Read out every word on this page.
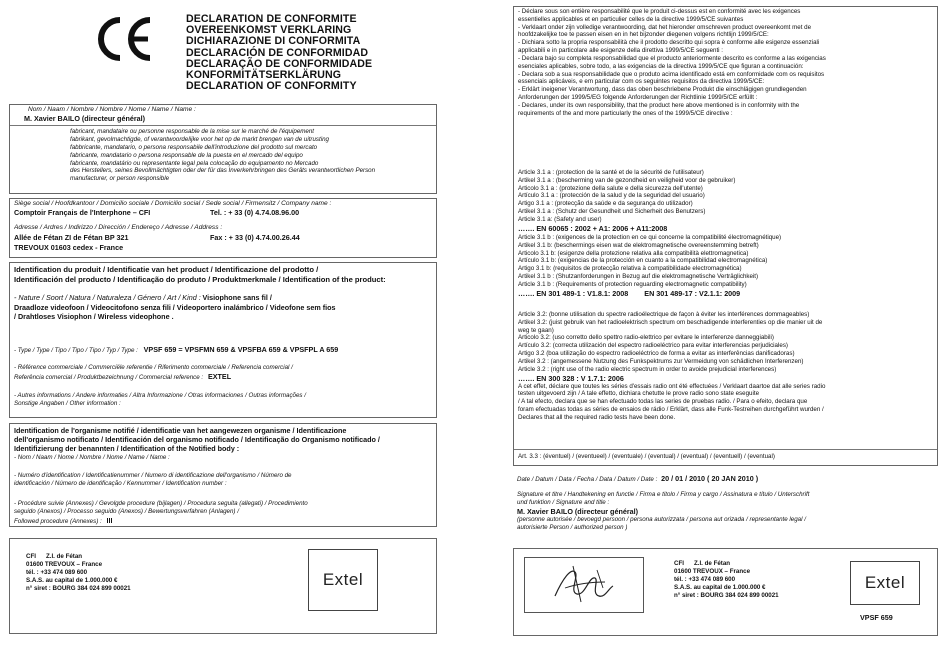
DECLARATION DE CONFORMITE
OVEREENKOMST VERKLARING
DICHIARAZIONE DI CONFORMITA
DECLARACIÓN DE CONFORMIDAD
DECLARAÇÃO DE CONFORMIDADE
KONFORMITÄTSERKLÄRUNG
DECLARATION OF CONFORMITY
Nom / Naam / Nombre / Nombre / Nome / Name / Name :
M. Xavier BAILO (directeur général)
fabricant, mandataire ou personne responsable de la mise sur le marché de l'équipement
fabrikant, gevolmachtigde, of verantwoordelijke voor het op de markt brengen van de uitrusting
fabbricante, mandatario, o persona responsabile dell'introduzione del prodotto sul mercato
fabricante, mandatario o persona responsable de la puesta en el mercado del equipo
fabricante, mandatário ou representante legal pela colocação do equipamento no Mercado
des Herstellers, seines Bevollmächtigten oder der für das Inverkehrbringen des Geräts verantwortlichen Person
manufacturer, or person responsible
Siège social / Hoofdkantoor / Domicilio sociale / Domicilio social / Sede social / Firmensitz / Company name :
Comptoir Français de l'Interphone – CFI	Tel. : + 33 (0) 4.74.08.96.00
Adresse / Ardres / Indirizzo / Dirección / Endereço / Adresse / Address :
Allée de Fétan ZI de Fétan BP 321	Fax : + 33 (0) 4.74.00.26.44
TREVOUX 01603 cedex - France
Identification du produit / Identificatie van het product / Identificazione del prodotto /
Identificación del producto / Identificação do produto / Produktmerkmale / Identification of the product:
- Nature / Soort / Natura / Naturaleza / Género / Art / Kind : Visiophone sans fil /
Draadloze videofoon / Videocitofono senza fili / Videoportero inalámbrico / Videofone sem fios
/ Drahtloses Visiophon / Wireless videophone .
- Type / Type / Tipo / Tipo / Tipo / Typ / Type : VPSF 659 = VPSFMN 659 & VPSFBA 659 & VPSFPL A 659
- Référence commerciale / Commerciële referentie / Riferimento commerciale / Referencia comercial /
Referência comercial / Produktbezeichnung / Commercial reference : EXTEL
- Autres informations / Andere informaties / Altra Informazione / Otras informaciones / Outras informações /
Sonstige Angaben / Other information :
Identification de l'organisme notifié / identificatie van het aangewezen organisme / Identificazione
dell'organismo notificato / Identificación del organismo notificado / Identificação do Organismo notificado /
Identifizierung der benannten / Identification of the Notified body :
- Nom / Naam / Nome / Nombre / Nome / Name / Name :
- Numéro d'identification / Identificatienummer / Numero di identificazione dell'organismo / Número de
identificación / Número de identificação / Kennummer / Identification number :
- Procédure suivie (Annexes) / Gevolgde procedure (bijlagen) / Procedura seguita (allegati) / Procedimiento
seguido (Anexos) / Processo seguido (Anexos) / Bewertungsverfahren (Anlagen) /
Followed procedure (Annexes) : III
CFI Z.I. de Fétan
01600 TRÉVOUX – France
tél. : +33 474 089 600
S.A.S. au capital de 1.000.000 €
n° siret : BOURG 384 024 899 00021	Extel
- Déclare sous son entière responsabilité que le produit ci-dessus est en conformité avec les exigences
essentielles applicables et en particulier celles de la directive 1999/5/CE suivantes
- Verklaart onder zijn volledige verantwoording, dat het hieronder omschreven product overeenkomt met de
hoofdzakelijke toe te passen eisen en in het bijzonder diegenen volgens richtlijn 1999/5/CE:
- Dichiara sotto la propria responsabilità che il prodotto descritto qui sopra è conforme alle esigenze essenziali
applicabili e in particolare alle esigenze della direttiva 1999/5/CE seguenti :
- Declara bajo su completa responsabilidad que el producto anteriormente descrito es conforme a las exigencias
esenciales aplicables, sobre todo, a las exigencias de la directiva 1999/5/CE que figuran a continuación:
- Declara sob a sua responsabilidade que o produto acima identificado está em conformidade com os requisitos
essenciais aplicáveis, e em particular com os seguintes requisitos da directiva 1999/5/CE:
- Erklärt ineigener Verantwortung, dass das oben beschriebene Produkt die einschlägigen grundlegenden
Anforderungen der 1999/5/EG folgende Anforderungen der Richtlinie 1999/5/CE erfüllt :
- Declares, under its own responsibility, that the product here above mentioned is in conformity with the
requirements of the and more particularly the ones of the 1999/5/CE directive :
Article 3.1 a : (protection de la santé et de la sécurité de l'utilisateur)
Artikel 3.1 a : (bescherming van de gezondheid en veiligheid voor de gebruiker)
Articolo 3.1 a : (protezione della salute e della sicurezza dell'utente)
Artículo 3.1 a : (protección de la salud y de la seguridad del usuario)
Artigo 3.1 a : (protecção da saúde e da segurança do utilizador)
Artikel 3.1 a : (Schutz der Gesundheit und Sicherheit des Benutzers)
Article 3.1 a: (Safety and user)
……. EN 60065 : 2002 + A1: 2006 + A11:2008
Article 3.1 b : (exigences de la protection en ce qui concerne la compatibilité électromagnétique)
Artikel 3.1 b: (beschermings eisen wat de elektromagnetische overeenstemming betreft)
Articolo 3.1 b: (esigenze della protezione relativa alla compatibilità elettromagnetica)
Artículo 3.1 b: (exigencias de la protección en cuanto a la compatibilidad electromagnética)
Artigo 3.1 b: (requisitos de protecção relativa à compatibilidade electromagnética)
Artikel 3.1 b : (Shutzanforderungen in Bezug auf die elektromagnetische Verträglichkeit)
Article 3.1 b : (Requirements of protection reguarding electromagnetic compatibility)
……. EN 301 489-1 : V1.8.1: 2008 EN 301 489-17 : V2.1.1: 2009
Article 3.2: (bonne utilisation du spectre radioélectrique de façon à éviter les interférences dommageables)
Artikel 3.2: (juist gebruik van het radioelektrisch spectrum om beschadigende interferenties op die manier uit de
weg te gaan)
Articolo 3.2: (uso corretto dello spettro radio-elettrico per evitare le interferenze danneggiabili)
Artículo 3.2: (correcta utilización del espectro radioeléctrico para evitar interferencias perjudiciales)
Artigo 3.2 (boa utilização do espectro radioeléctrico de forma a evitar as interferências danificadoras)
Artikel 3.2 : (angemessene Nutzung des Funkspektrums zur Vermeidung von schädlichen Interferenzen)
Article 3.2 : (right use of the radio electric spectrum in order to avoide prejudicial interferences)
……. EN 300 328 : V 1.7.1: 2006
A cet effet, déclare que toutes les séries d'essais radio ont été effectuées / Verklaart daartoe dat alle series radio
testen uitgevoerd zijn / A tale effetto, dichiara chetutte le prove radio sono state eseguite
/ A tal efecto, declara que se han efectuado todas las series de pruebas radio. / Para o efeito, declara que
foram efectuadas todas as séries de ensaios de rádio / Erklärt, dass alle Funk-Testreihen durchgeführt wurden /
Declares that all the required radio tests have been done.
Art. 3.3 : (éventuel) / (eventueel) / (eventuale) / (eventual) / (eventual) / (eventuell) / (eventual)
Date / Datum / Data / Fecha / Data / Datum / Date : 20 / 01 / 2010 ( 20 JAN 2010 )
Signature et titre / Handtekening en functie / Firma e titolo / Firma y cargo / Assinatura e título / Unterschrift
und funktion / Signature and title :
M. Xavier BAILO (directeur général)
(personne autorisée / bevoegd persoon / persona autorizzata / persona aut orizada / representante legal /
autorisierte Person / authorized person )
CFI Z.I. de Fétan
01600 TRÉVOUX – France
tél. : +33 474 089 600
S.A.S. au capital de 1.000.000 €
n° siret : BOURG 384 024 899 00021
Extel
VPSF 659
